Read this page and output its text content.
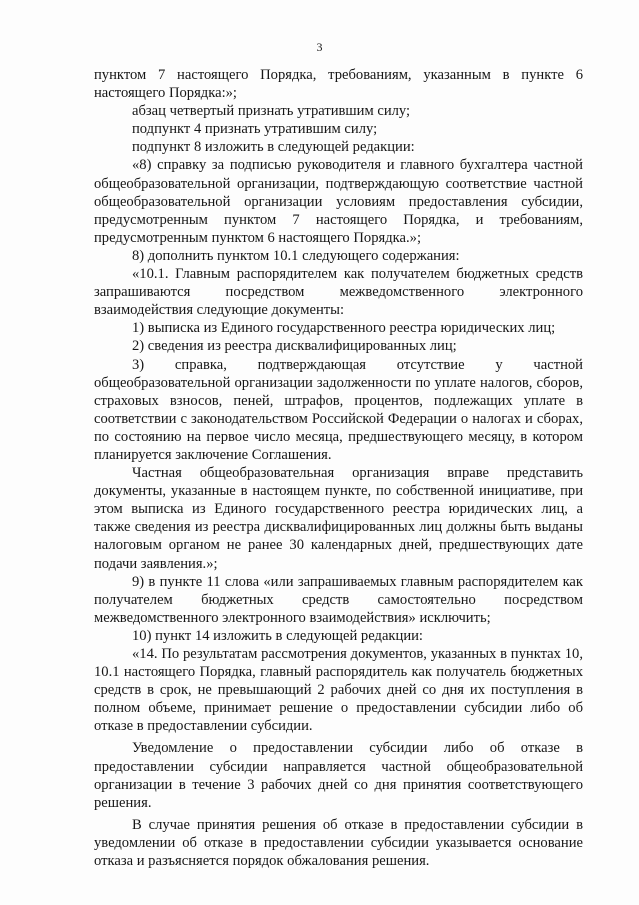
3

пунктом 7 настоящего Порядка, требованиям, указанным в пункте 6 настоящего Порядка:»;

абзац четвертый признать утратившим силу;

подпункт 4 признать утратившим силу;

подпункт 8 изложить в следующей редакции:

«8) справку за подписью руководителя и главного бухгалтера частной общеобразовательной организации, подтверждающую соответствие частной общеобразовательной организации условиям предоставления субсидии, предусмотренным пунктом 7 настоящего Порядка, и требованиям, предусмотренным пунктом 6 настоящего Порядка.»;

8) дополнить пунктом 10.1 следующего содержания:

«10.1. Главным распорядителем как получателем бюджетных средств запрашиваются посредством межведомственного электронного взаимодействия следующие документы:

1) выписка из Единого государственного реестра юридических лиц;

2) сведения из реестра дисквалифицированных лиц;

3) справка, подтверждающая отсутствие у частной общеобразовательной организации задолженности по уплате налогов, сборов, страховых взносов, пеней, штрафов, процентов, подлежащих уплате в соответствии с законодательством Российской Федерации о налогах и сборах, по состоянию на первое число месяца, предшествующего месяцу, в котором планируется заключение Соглашения.

Частная общеобразовательная организация вправе представить документы, указанные в настоящем пункте, по собственной инициативе, при этом выписка из Единого государственного реестра юридических лиц, а также сведения из реестра дисквалифицированных лиц должны быть выданы налоговым органом не ранее 30 календарных дней, предшествующих дате подачи заявления.»;

9) в пункте 11 слова «или запрашиваемых главным распорядителем как получателем бюджетных средств самостоятельно посредством межведомственного электронного взаимодействия» исключить;

10) пункт 14 изложить в следующей редакции:

«14. По результатам рассмотрения документов, указанных в пунктах 10, 10.1 настоящего Порядка, главный распорядитель как получатель бюджетных средств в срок, не превышающий 2 рабочих дней со дня их поступления в полном объеме, принимает решение о предоставлении субсидии либо об отказе в предоставлении субсидии.

Уведомление о предоставлении субсидии либо об отказе в предоставлении субсидии направляется частной общеобразовательной организации в течение 3 рабочих дней со дня принятия соответствующего решения.

В случае принятия решения об отказе в предоставлении субсидии в уведомлении об отказе в предоставлении субсидии указывается основание отказа и разъясняется порядок обжалования решения.
